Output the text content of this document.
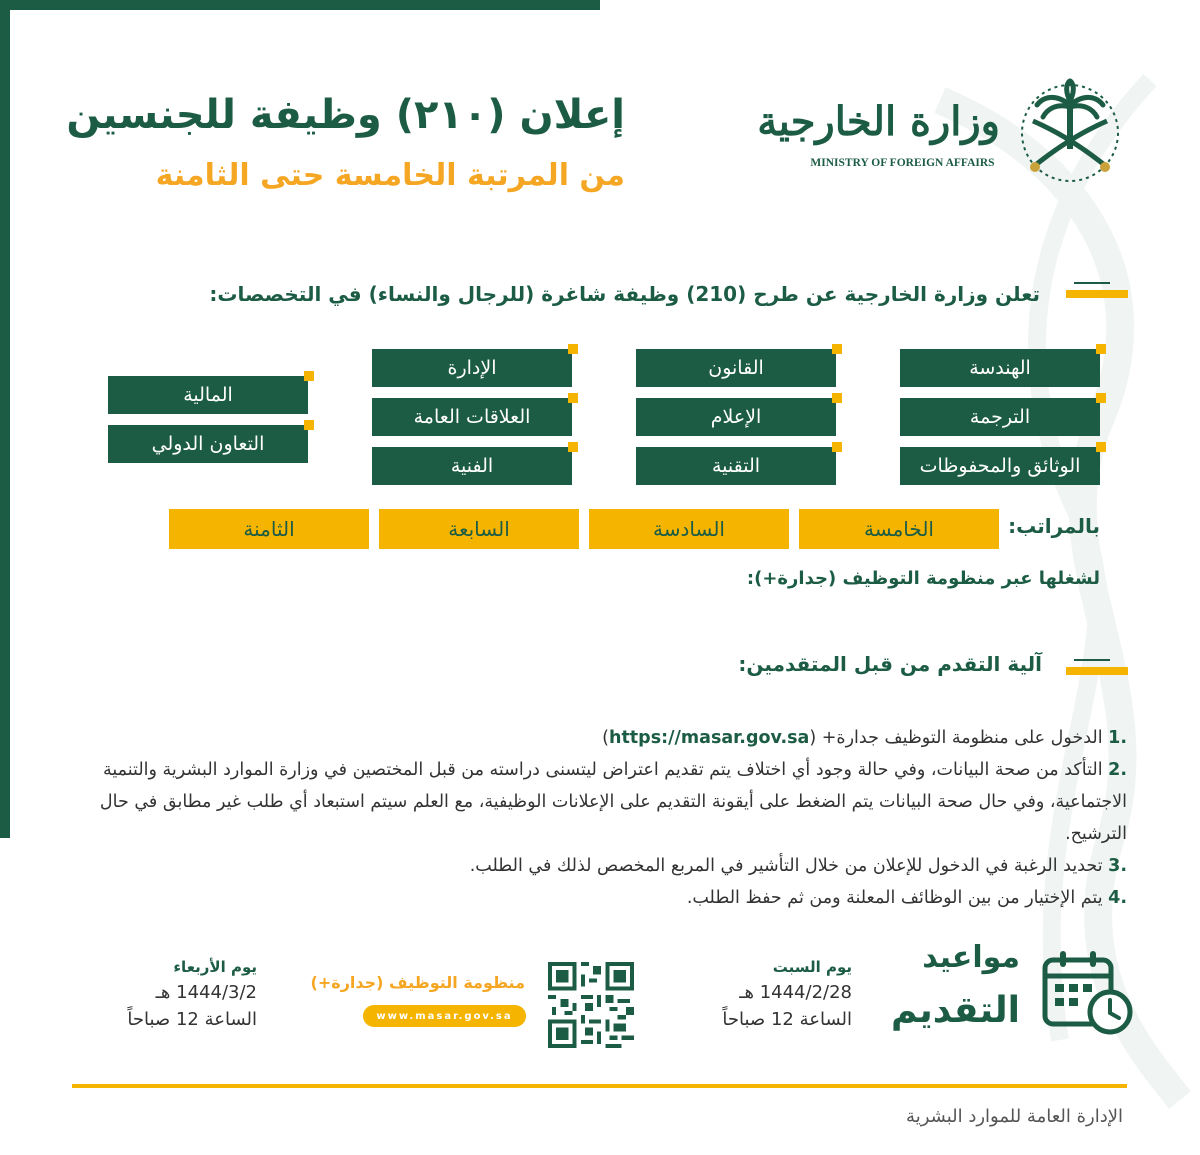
إعلان (٢١٠) وظيفة للجنسين
من المرتبة الخامسة حتى الثامنة
وزارة الخارجية
MINISTRY OF FOREIGN AFFAIRS
تعلن وزارة الخارجية عن طرح (210) وظيفة شاغرة (للرجال والنساء) في التخصصات:
الهندسة
الترجمة
الوثائق والمحفوظات
القانون
الإعلام
التقنية
الإدارة
العلاقات العامة
الفنية
المالية
التعاون الدولي
بالمراتب:
الخامسة
السادسة
السابعة
الثامنة
لشغلها عبر منظومة التوظيف (جدارة+):
آلية التقدم من قبل المتقدمين:

.1 الدخول على منظومة التوظيف جدارة+ (https://masar.gov.sa)

.2 التأكد من صحة البيانات، وفي حالة وجود أي اختلاف يتم تقديم اعتراض ليتسنى دراسته من قبل المختصين في وزارة الموارد البشرية والتنمية الاجتماعية، وفي حال صحة البيانات يتم الضغط على أيقونة التقديم على الإعلانات الوظيفية، مع العلم سيتم استبعاد أي طلب غير مطابق في حال الترشيح.

.3 تحديد الرغبة في الدخول للإعلان من خلال التأشير في المربع المخصص لذلك في الطلب.

.4 يتم الإختيار من بين الوظائف المعلنة ومن ثم حفظ الطلب.

مواعيد
التقديم
يوم السبت
1444/2/28 هـ
الساعة 12 صباحاً
يوم الأربعاء
1444/3/2 هـ
الساعة 12 صباحاً
منظومة التوظيف (جدارة+)
www.masar.gov.sa
الإدارة العامة للموارد البشرية
